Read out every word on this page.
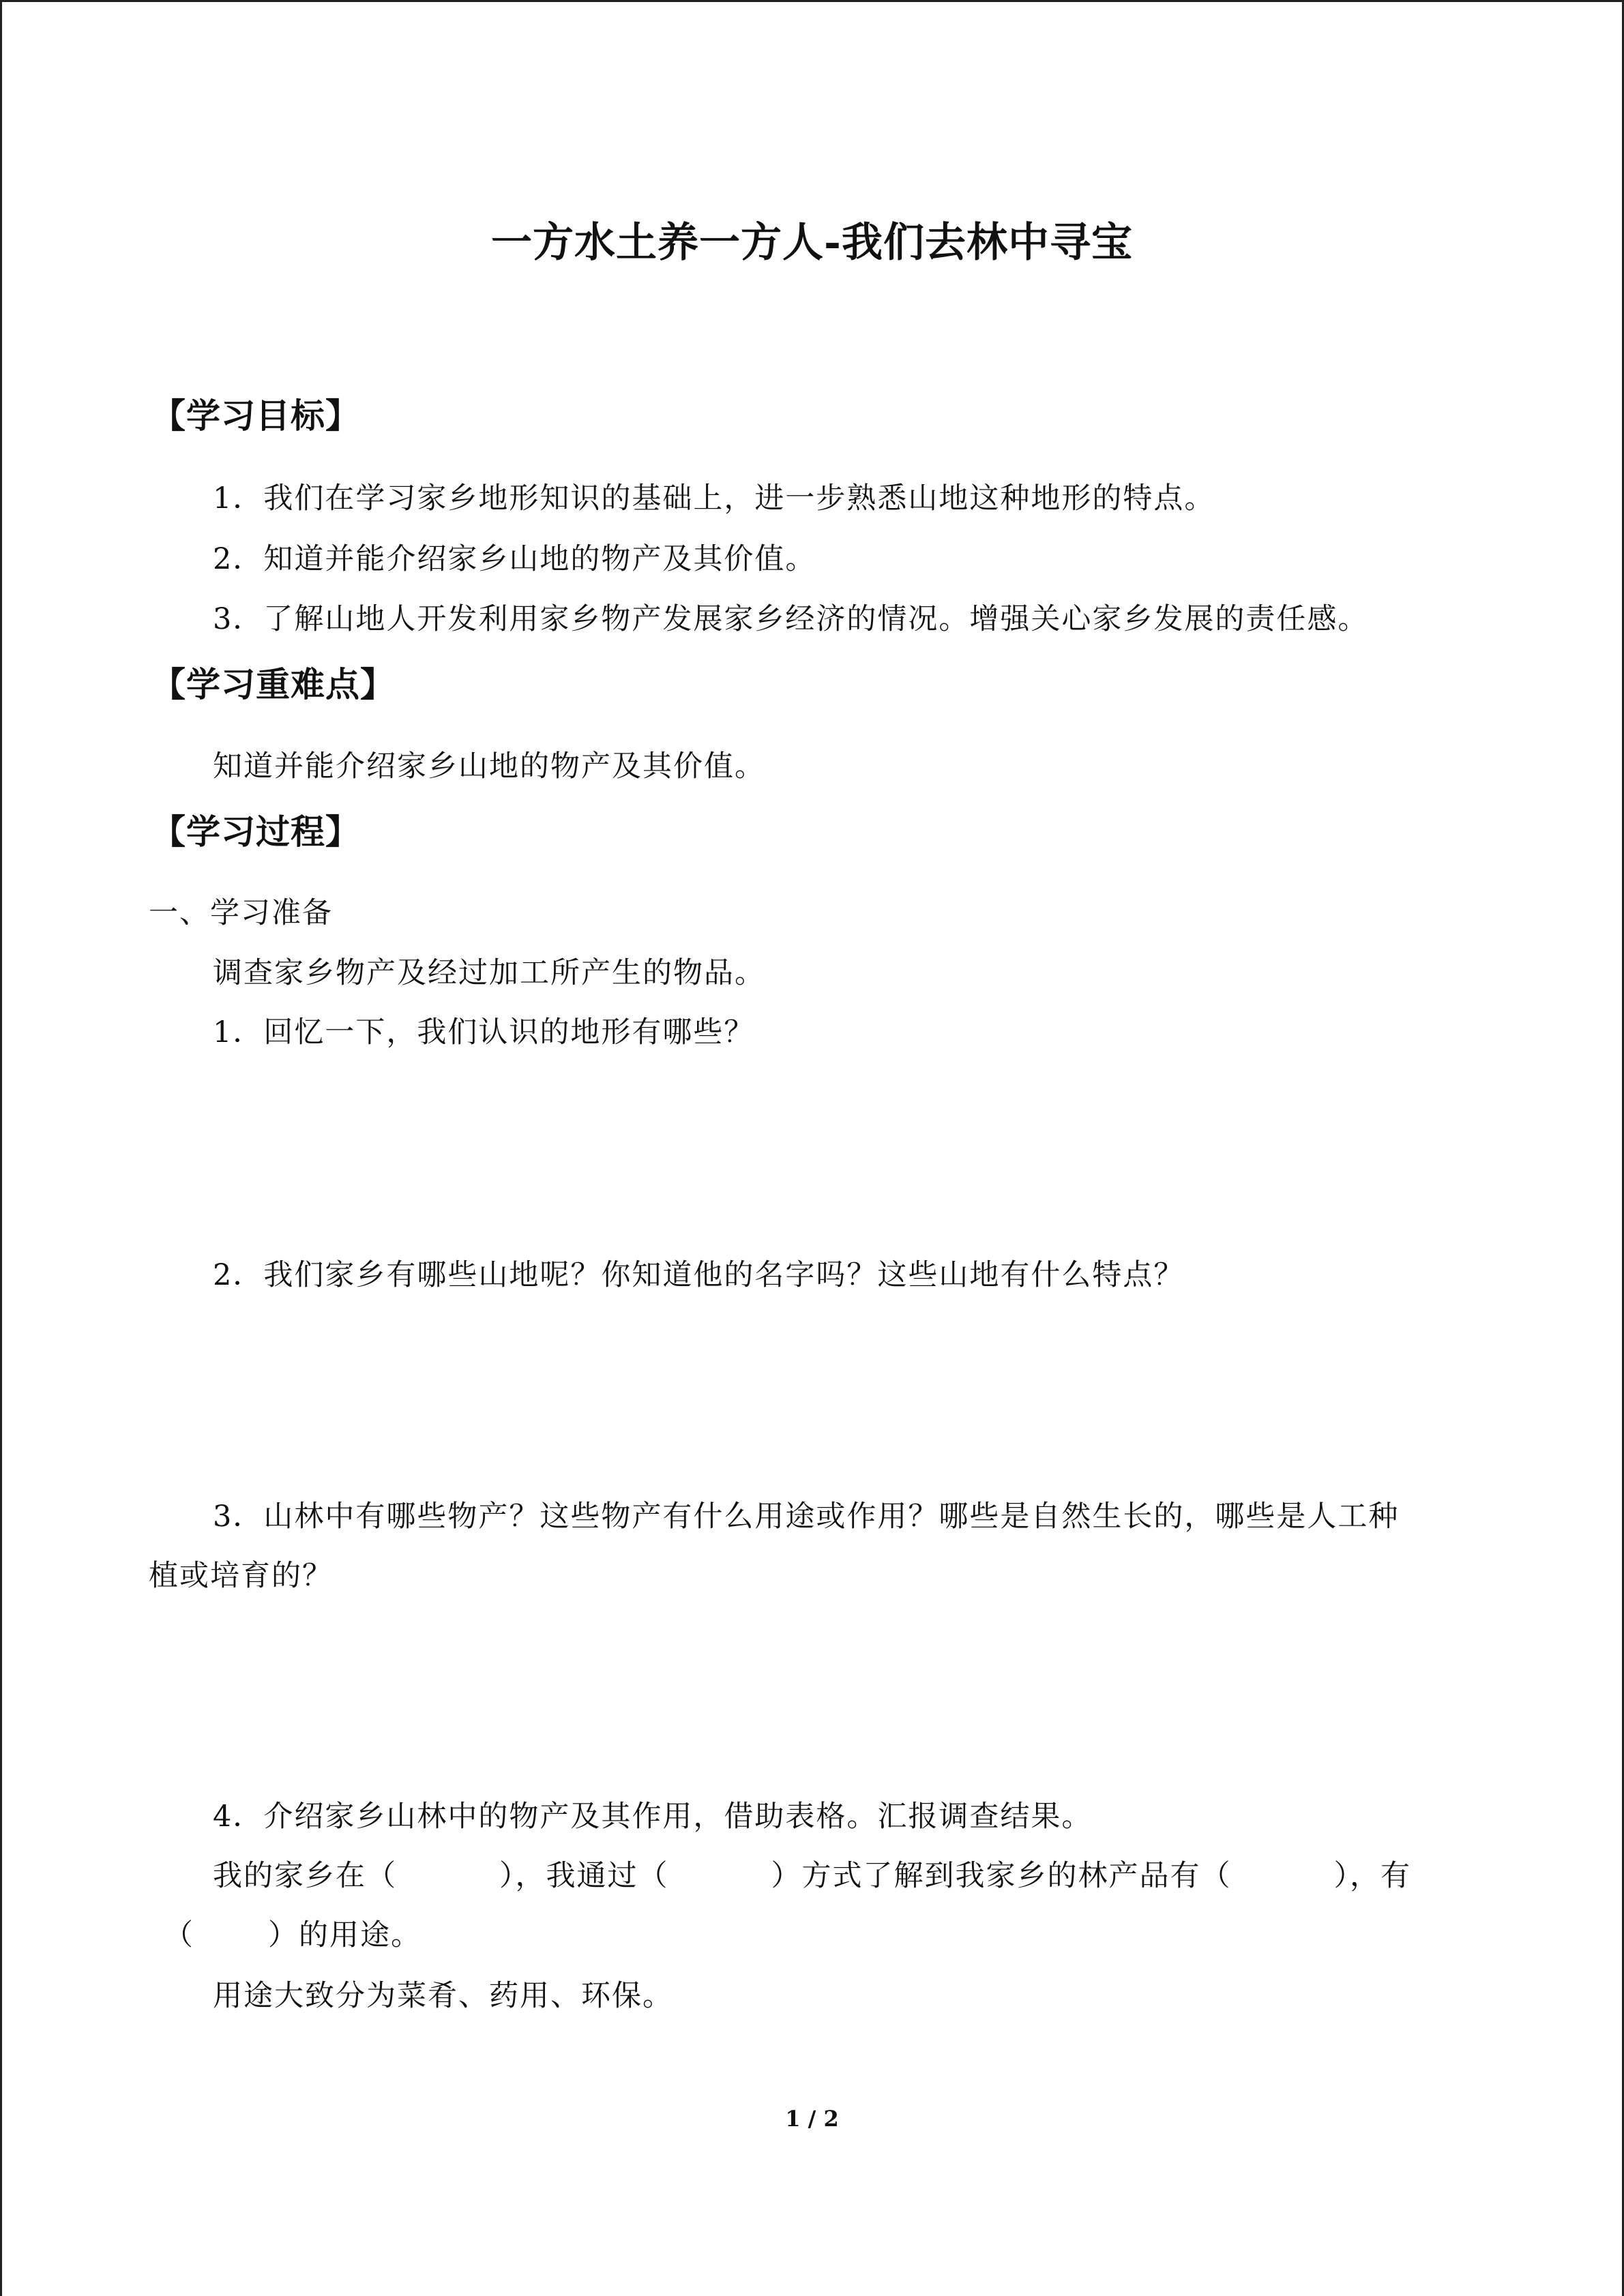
一方水土养一方人-我们去林中寻宝
【学习目标】
1．我们在学习家乡地形知识的基础上，进一步熟悉山地这种地形的特点。
2．知道并能介绍家乡山地的物产及其价值。
3．了解山地人开发利用家乡物产发展家乡经济的情况。增强关心家乡发展的责任感。
【学习重难点】
知道并能介绍家乡山地的物产及其价值。
【学习过程】
一、学习准备
调查家乡物产及经过加工所产生的物品。
1．回忆一下，我们认识的地形有哪些？
2．我们家乡有哪些山地呢？你知道他的名字吗？这些山地有什么特点？
3．山林中有哪些物产？这些物产有什么用途或作用？哪些是自然生长的，哪些是人工种
植或培育的？
4．介绍家乡山林中的物产及其作用，借助表格。汇报调查结果。
我的家乡在（	），我通过（	）方式了解到我家乡的林产品有（	），有
（	）的用途。
用途大致分为菜肴、药用、环保。
1 / 2
